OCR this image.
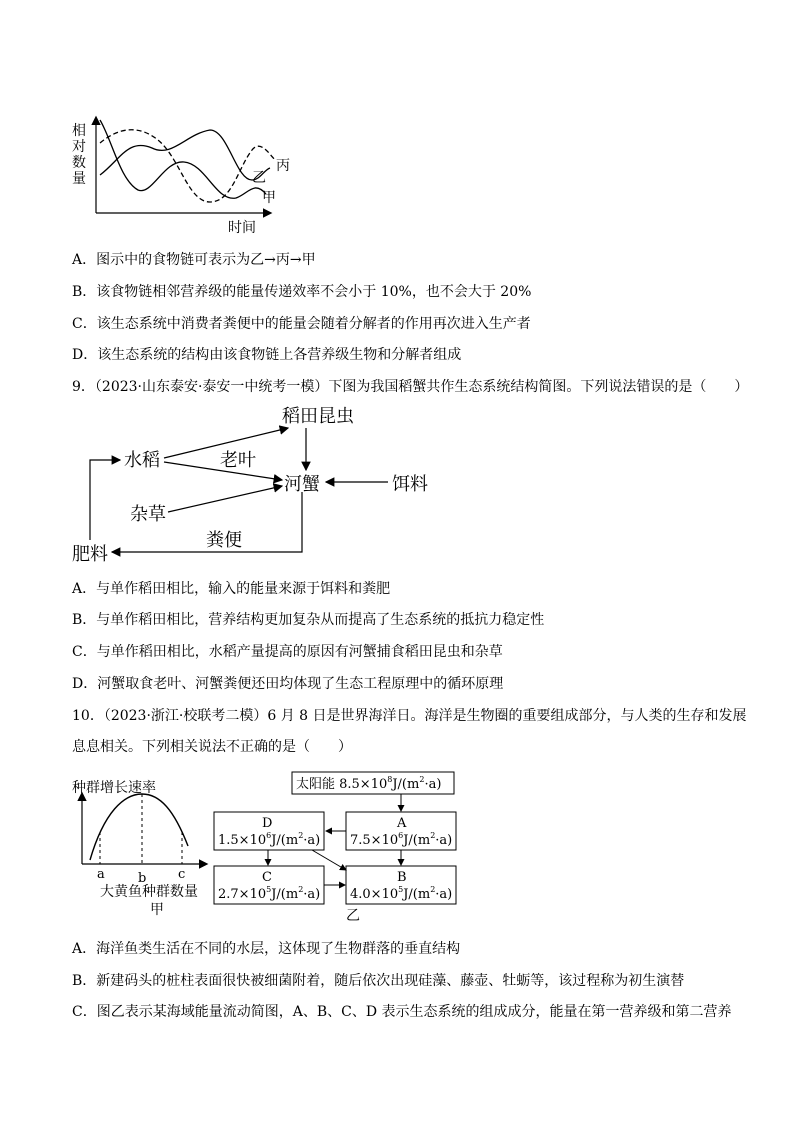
相
对
数
量
时间
丙
乙
甲
A．图示中的食物链可表示为乙→丙→甲
B．该食物链相邻营养级的能量传递效率不会小于 10%，也不会大于 20%
C．该生态系统中消费者粪便中的能量会随着分解者的作用再次进入生产者
D．该生态系统的结构由该食物链上各营养级生物和分解者组成
9．（2023·山东泰安·泰安一中统考一模）下图为我国稻蟹共作生态系统结构简图。下列说法错误的是（　　）
稻田昆虫
水稻	老叶
河蟹	饵料
杂草
粪便
肥料
A．与单作稻田相比，输入的能量来源于饵料和粪肥
B．与单作稻田相比，营养结构更加复杂从而提高了生态系统的抵抗力稳定性
C．与单作稻田相比，水稻产量提高的原因有河蟹捕食稻田昆虫和杂草
D．河蟹取食老叶、河蟹粪便还田均体现了生态工程原理中的循环原理
10．（2023·浙江·校联考二模）6 月 8 日是世界海洋日。海洋是生物圈的重要组成部分，与人类的生存和发展
息息相关。下列相关说法不正确的是（　　）
种群增长速率
a	b c
大黄鱼种群数量
甲
太阳能 $8.5\times 10^8J/(m^2\cdot a)$
A
$7.5\times 10^6J/(m^2\cdot a)$
D
$1.5\times 10^6J/(m^2\cdot a)$
C
$2.7\times 10^5J/(m^2\cdot a)$
B
$4.0\times 10^5J/(m^2\cdot a)$
乙
A．海洋鱼类生活在不同的水层，这体现了生物群落的垂直结构
B．新建码头的桩柱表面很快被细菌附着，随后依次出现硅藻、藤壶、牡蛎等，该过程称为初生演替
C．图乙表示某海域能量流动简图，A、B、C、D 表示生态系统的组成成分，能量在第一营养级和第二营养
